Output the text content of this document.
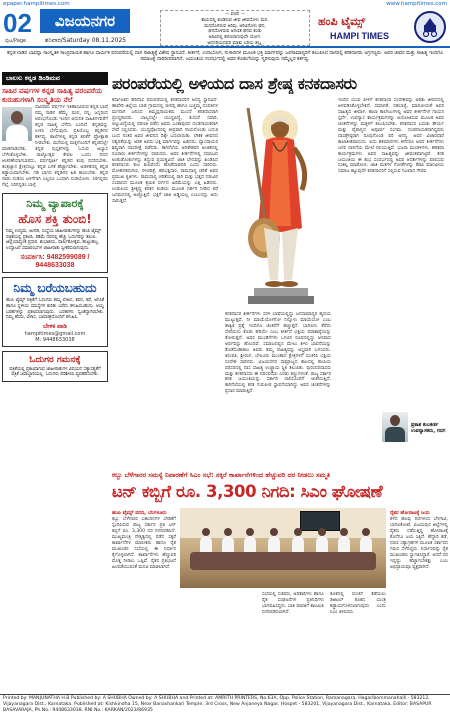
epaper.hampitimes.com	www.hampitimes.com
02
ಪುಟ/Page
ವಿಜಯನಗರ
ಶನಿವಾರ/Saturday 08.11.2025
— ವಚನ —
ಕಾಯದಲ್ಲಿ ಕೂಡಿರುವ ಜೀವ ಜೀವದೊಳು ಮನ.
ಮನದೊಳಿರುವ ಅರಿವು, ಅರಿವಿನೊಳು ಘನ,
ಘನದೊಳಿರುವ ಅಗಣಿತ ಘನವ ಕಂಡು
ಅರಿವಿನಲ್ಲಿ ಶರಣನಾಗುವುದೇ ಯೋಗ.
ಅದನರಿಯದವರ ಮಾತು ಬರಿಯ ಶಬ್ದ,

ಹಂಪಿ ಟೈಮ್ಸ್
HAMPI TIMES
ಕನ್ನಡ ನಾಡಿನ ಭಾವನ್ನಾ ಸಾಂಸ್ಕೃತಿಕ ಸಾಂಪ್ರದಾಯಿಕ ಹಾಗೂ ಧಾರ್ಮಿಕ ಪರಂಪರೆಯಲ್ಲಿ ದಾಸ ಸಾಹಿತ್ಯಕ್ಕೆ ವಿಶೇಷ ಸ್ಥಾನವಿದೆ. ಕೀರ್ತನೆ, ಉಗಾಭೋಗ, ಸುಳಾದಿಗಳ ಮೂಲಕ ಭಕ್ತಿ ಮಾರ್ಗವನ್ನು ಜನಸಾಮಾನ್ಯರಿಗೆ ತಲುಪಿಸಿದ ದಾಸರಲ್ಲಿ ಕನಕದಾಸರು ಅಗ್ರಗಣ್ಯರು. ಅವರ ಜೀವನ ಮತ್ತು ಸಾಹಿತ್ಯ ಇಂದಿಗೂ ಸಮಾಜಕ್ಕೆ ದಾರಿದೀಪವಾಗಿದೆ. ಜಯಂತಿಯ ಸಂದರ್ಭದಲ್ಲಿ ಅವರ ಕೊಡುಗೆಯನ್ನು ಸ್ಮರಿಸುವುದು ನಮ್ಮೆಲ್ಲರ ಕರ್ತವ್ಯ.
ಬಾಲಸು ಕನ್ನಡ ಡಿಂಡಿಮವ
ಸಾಹಿರ ವರ್ಷಗಳ ಕನ್ನಡ ಸಾಹಿತ್ಯ ಪರಂಪರೆಯ ಕುರುಹುಗಳಾಗಿ ಸಂಸ್ಕೃತಿಯ ನೆಲೆ
ಸಾವಿರಾರು ವರ್ಷಗಳ ಇತಿಹಾಸವಿರುವ ಕನ್ನಡ ಭಾಷೆ ನಮ್ಮ ನಾಡಿನ ಹೆಮ್ಮೆ. ಪಂಪ, ರನ್ನ, ಜನ್ನರಿಂದ ಆರಂಭಗೊಂಡು ಇಂದಿನ ಆಧುನಿಕ ಸಾಹಿತಿಗಳವರೆಗೆ ಕನ್ನಡ ಸಾಹಿತ್ಯ ಬೆಳೆದು ಬಂದಿದೆ. ಕನ್ನಡವನ್ನು ಉಳಿಸಿ ಬೆಳೆಸುವುದು ಪ್ರತಿಯೊಬ್ಬ ಕನ್ನಡಿಗನ ಕರ್ತವ್ಯ. ಶಾಲೆಗಳಲ್ಲಿ ಕನ್ನಡ ಕಲಿಕೆಗೆ ಪ್ರೋತ್ಸಾಹ ನೀಡಬೇಕು. ಮನೆಯಲ್ಲಿ ಮಕ್ಕಳೊಂದಿಗೆ ಕನ್ನಡದಲ್ಲೇ ಮಾತನಾಡಬೇಕು. ಕನ್ನಡ ಪುಸ್ತಕಗಳನ್ನು ಓದುವ ಅಭ್ಯಾಸ ಬೆಳೆಸಿಕೊಳ್ಳಬೇಕು. ರಾಜ್ಯೋತ್ಸವ ಕೇವಲ ಒಂದು ದಿನದ ಆಚರಣೆಯಾಗಬಾರದು, ವರ್ಷಪೂರ್ತಿ ಕನ್ನಡದ ಕಂಪು ಪಸರಿಸಬೇಕು. ತಂತ್ರಜ್ಞಾನ ಕ್ಷೇತ್ರದಲ್ಲೂ ಕನ್ನಡ ಬಳಕೆ ಹೆಚ್ಚಾಗಬೇಕು. ಆಡಳಿತದಲ್ಲಿ ಕನ್ನಡ ಕಡ್ಡಾಯವಾಗಬೇಕು. ಗಡಿ ಭಾಗದ ಕನ್ನಡಿಗರ ಹಿತ ಕಾಯಬೇಕು. ಕನ್ನಡ ನಾಡು ನುಡಿಯ ಏಳಿಗೆಗಾಗಿ ಎಲ್ಲರೂ ಒಂದಾಗಿ ದುಡಿಯೋಣ. ಸಿರಿಗನ್ನಡಂ ಗೆಲ್ಗೆ, ಸಿರಿಗನ್ನಡಂ ಬಾಳ್ಗೆ.
ನಿಮ್ಮ ವ್ಯಾಪಾರಕ್ಕೆ
ಹೊಸ ಶಕ್ತಿ ತುಂಬಿ!
ನಿಮ್ಮ ಉದ್ಯಮ, ಅಂಗಡಿ, ಸಂಸ್ಥೆಯ ಜಾಹೀರಾತುಗಳನ್ನು ಹಂಪಿ ಟೈಮ್ಸ್ ಪತ್ರಿಕೆಯಲ್ಲಿ ಪ್ರಕಟಿಸಿ. ಕಡಿಮೆ ದರದಲ್ಲಿ ಹೆಚ್ಚು ಓದುಗರನ್ನು ತಲುಪಿ. ಜಿಲ್ಲೆಯಾದ್ಯಂತ ಪ್ರಸಾರ. ಶುಭಾಶಯ, ವಾರ್ಷಿಕೋತ್ಸವ, ಹುಟ್ಟುಹಬ್ಬ, ಉದ್ಘಾಟನೆ ಸಮಾರಂಭಗಳ ಜಾಹೀರಾತು ಸ್ವೀಕರಿಸಲಾಗುವುದು.
ಸಂಪರ್ಕಿಸಿ: 9482599089 / 9448633038
ನಿಮ್ಮ ಬರೆಯಬಹುದು
ಹಂಪಿ ಟೈಮ್ಸ್ ಪತ್ರಿಕೆಗೆ ಓದುಗರು ತಮ್ಮ ಲೇಖನ, ಕವನ, ಕಥೆ, ಅನಿಸಿಕೆ ಹಾಗೂ ಸ್ಥಳೀಯ ಸಮಸ್ಯೆಗಳ ಕುರಿತು ಬರೆದು ಕಳುಹಿಸಬಹುದು. ಆಯ್ದ ಬರಹಗಳನ್ನು ಪ್ರಕಟಿಸಲಾಗುವುದು. ಬರಹಗಳು ಸ್ವಂತದ್ದಾಗಿರಬೇಕು. ನಿಮ್ಮ ಹೆಸರು, ವಿಳಾಸ, ಭಾವಚಿತ್ರದೊಂದಿಗೆ ಕಳುಹಿಸಿ.
ಬೇಳಿಕ ಪಾಡಿ
hampitimes@gmail.com
M: 9448633038
ಓದುಗರ ಗಮನಕ್ಕೆ
ಪತ್ರಿಕೆಯಲ್ಲಿ ಪ್ರಕಟವಾಗುವ ಜಾಹೀರಾತುಗಳ ವಿಷಯದ ಸತ್ಯಾಸತ್ಯತೆಗೆ ಪತ್ರಿಕೆ ಜವಾಬ್ದಾರಿಯಲ್ಲ. ಓದುಗರು ಪರಿಶೀಲಿಸಿ ವ್ಯವಹರಿಸಬೇಕು.
ಪರಂಪರೆಯಲ್ಲಿ ಅಳಿಯದ ದಾಸ ಶ್ರೇಷ್ಠ ಕನಕದಾಸರು
ಕರ್ನಾಟಕದ ಹರಿದಾಸ ಪರಂಪರೆಯಲ್ಲಿ ಕನಕದಾಸರಿಗೆ ಅನನ್ಯ ಸ್ಥಾನವಿದೆ. ಹಾವೇರಿ ಜಿಲ್ಲೆಯ ಬಾಡ ಗ್ರಾಮದಲ್ಲಿ ಬೀರಪ್ಪ ಹಾಗೂ ಬಚ್ಚಮ್ಮ ದಂಪತಿಗಳ ಮಗನಾಗಿ ಜನಿಸಿದ ತಿಮ್ಮಪ್ಪನಾಯಕರು ಮುಂದೆ ಕನಕದಾಸರಾಗಿ ಪ್ರಸಿದ್ಧರಾದರು. ಬಾಲ್ಯದಲ್ಲೇ ಯುದ್ಧವಿದ್ಯೆ, ಕುದುರೆ ಸವಾರಿ, ಬಿಲ್ಲುವಿದ್ಯೆಯಲ್ಲಿ ಪರಿಣತಿ ಪಡೆದ ಅವರು ಬಂಕಾಪುರದ ದಂಡನಾಯಕರಾಗಿ ಸೇವೆ ಸಲ್ಲಿಸಿದರು. ಯುದ್ಧವೊಂದರಲ್ಲಿ ತೀವ್ರವಾಗಿ ಗಾಯಗೊಂಡು ಬದುಕಿ ಬಂದ ನಂತರ ಅವರ ಜೀವನದ ದಿಕ್ಕೇ ಬದಲಾಯಿತು. ಲೌಕಿಕ ಜೀವನದ ನಶ್ವರತೆಯನ್ನು ಅರಿತ ಅವರು ಭಕ್ತಿ ಮಾರ್ಗವನ್ನು ಹಿಡಿದರು. ವ್ಯಾಸರಾಯರ ಶಿಷ್ಯರಾಗಿ ದಾಸದೀಕ್ಷೆ ಪಡೆದರು. ಕಾಗಿನೆಲೆಯ ಆದಿಕೇಶವನ ಅಂಕಿತದಲ್ಲಿ ನೂರಾರು ಕೀರ್ತನೆಗಳನ್ನು ರಚಿಸಿದರು. ಅವರ ಕೀರ್ತನೆಗಳಲ್ಲಿ ಸಮಾಜದ ಅಂಕುಡೊಂಕುಗಳನ್ನು ತಿದ್ದುವ ಪ್ರಯತ್ನವಿದೆ. ಜಾತಿ ಭೇದವನ್ನು ಖಂಡಿಸಿದ ಕನಕದಾಸರು ಕುಲ ಕುಲವೆಂದು ಹೊಡೆದಾಡದಿರಿ ಎಂದು ಸಾರಿದರು. ಮೋಹನತರಂಗಿಣಿ, ನಳಚರಿತ್ರೆ, ಹರಿಭಕ್ತಿಸಾರ, ರಾಮಧಾನ್ಯ ಚರಿತೆ ಅವರ ಪ್ರಮುಖ ಕೃತಿಗಳು. ರಾಮಧಾನ್ಯ ಚರಿತೆಯಲ್ಲಿ ರಾಗಿ ಮತ್ತು ಭತ್ತದ ನಡುವಿನ ಸಂವಾದದ ಮೂಲಕ ಶ್ರಮಿಕ ವರ್ಗದ ಹಿರಿಮೆಯನ್ನು ಎತ್ತಿ ಹಿಡಿದರು. ಉಡುಪಿಯ ಶ್ರೀಕೃಷ್ಣ ಕನಕನ ಕಿಂಡಿಯ ಮೂಲಕ ದರ್ಶನ ನೀಡಿದ ಕಥೆ ಜನಮನದಲ್ಲಿ ಅಚ್ಚೊತ್ತಿದೆ. ಭಕ್ತಿಗೆ ಜಾತಿ ಅಡ್ಡಿಯಲ್ಲ ಎಂಬುದನ್ನು ಅದು ಸಾರುತ್ತದೆ.
ಕನಕದಾಸರ ಕೀರ್ತನೆಗಳು ಸರಳ ಭಾಷೆಯಲ್ಲಿದ್ದು ಜನಸಾಮಾನ್ಯರ ಹೃದಯ ಮುಟ್ಟುತ್ತವೆ. ನೀ ಮಾಯೆಯೊಳಗೋ ನಿನ್ನೊಳು ಮಾಯೆಯೋ ಎಂಬ ತಾತ್ವಿಕ ಪ್ರಶ್ನೆ ಇಂದಿಗೂ ಚಿಂತನೆಗೆ ಹಚ್ಚುತ್ತದೆ. ಬಾಗಿಲನು ತೆರೆದು ಸೇವೆಯನು ಕೊಡು ಹರಿಯೇ ಎಂಬ ಕೀರ್ತನೆ ಭಕ್ತಿಯ ಪರಾಕಾಷ್ಠೆಯನ್ನು ತೋರುತ್ತದೆ. ಅವರ ಮುಂಡಿಗೆಗಳು ಒಗಟಿನ ರೂಪದಲ್ಲಿದ್ದು ಆಳವಾದ ಅರ್ಥವನ್ನು ಹೊಂದಿವೆ. ಸಮಾಜದಲ್ಲಿನ ಮೇಲು ಕೀಳು ಭಾವನೆಯನ್ನು ತೊಡೆದುಹಾಕಲು ಅವರು ತಮ್ಮ ಸಾಹಿತ್ಯವನ್ನು ಅಸ್ತ್ರವಾಗಿ ಬಳಸಿದರು. ತಿರುಪತಿ, ಶ್ರೀರಂಗ, ಬೇಲೂರು ಮುಂತಾದ ಕ್ಷೇತ್ರಗಳಿಗೆ ಸಂಚರಿಸಿ ಭಕ್ತಿಯ ಸಂದೇಶ ಸಾರಿದರು. ವಿಜಯನಗರ ಸಾಮ್ರಾಜ್ಯದ ಕಾಲದಲ್ಲಿ ಹಂಪಿಯ ಪರಿಸರದಲ್ಲಿ ದಾಸ ಸಾಹಿತ್ಯ ಉಚ್ಛ್ರಾಯ ಸ್ಥಿತಿ ತಲುಪಿತು. ಪುರಂದರದಾಸರು ಮತ್ತು ಕನಕದಾಸರು ಈ ಪರಂಪರೆಯ ಎರಡು ಕಣ್ಣುಗಳಂತೆ. ರಾಜ್ಯ ಸರ್ಕಾರ ಕನಕ ಜಯಂತಿಯನ್ನು ಸರ್ಕಾರಿ ರಜೆಯೊಂದಿಗೆ ಆಚರಿಸುತ್ತಿದೆ. ಕಾಗಿನೆಲೆಯಲ್ಲಿ ಕನಕ ಗುರುಪೀಠ ಸ್ಥಾಪನೆಯಾಗಿದ್ದು ಅವರ ಚಿಂತನೆಗಳನ್ನು ಪ್ರಸಾರ ಮಾಡುತ್ತಿದೆ.
ಇಂದಿನ ಯುವ ಪೀಳಿಗೆ ಕನಕದಾಸರ ಸಂದೇಶವನ್ನು ಅರಿತು ಜೀವನದಲ್ಲಿ ಅಳವಡಿಸಿಕೊಳ್ಳಬೇಕಿದೆ. ಸಮಾನತೆ, ಸಹಬಾಳ್ವೆ, ಮಾನವೀಯತೆ ಅವರ ಸಾಹಿತ್ಯದ ಜೀವಾಳ. ಶಾಲಾ ಕಾಲೇಜುಗಳಲ್ಲಿ ಅವರ ಕೀರ್ತನೆಗಳ ಗಾಯನ ಸ್ಪರ್ಧೆ, ಉಪನ್ಯಾಸ ಕಾರ್ಯಕ್ರಮಗಳನ್ನು ಆಯೋಜಿಸುವ ಮೂಲಕ ಅವರ ಚಿಂತನೆಗಳನ್ನು ಮಕ್ಕಳಿಗೆ ತಲುಪಿಸಬೇಕು. ಕನಕದಾಸರ ಬದುಕು ಶೌರ್ಯ ಮತ್ತು ವೈರಾಗ್ಯದ ಅಪೂರ್ವ ಸಂಗಮ. ದಂಡನಾಯಕನಾಗಿದ್ದವರು ದಾಸಶ್ರೇಷ್ಠರಾಗಿ ರೂಪುಗೊಂಡ ಪರಿ ಅನನ್ಯ. ಅವರ ವಿಚಾರಧಾರೆ ಕಾಲಾತೀತವಾದುದು. ಐದು ಶತಮಾನಗಳು ಕಳೆದರೂ ಅವರ ಕೀರ್ತನೆಗಳು ಜನರ ನಾಲಿಗೆಯ ಮೇಲೆ ನಲಿಯುತ್ತಿವೆ. ಭಜನಾ ಮಂಡಳಿಗಳು, ಹರಿಕಥಾ ಕಾರ್ಯಕ್ರಮಗಳು ಅವರ ಸಾಹಿತ್ಯವನ್ನು ಜೀವಂತವಾಗಿಟ್ಟಿವೆ. ಕನಕ ಜಯಂತಿಯ ಈ ಶುಭ ಸಂದರ್ಭದಲ್ಲಿ ಅವರ ಆದರ್ಶಗಳನ್ನು ಪಾಲಿಸುವ ಸಂಕಲ್ಪ ಮಾಡೋಣ. ಜಾತಿ ಮತಗಳ ಗೋಡೆಗಳನ್ನು ಕೆಡವಿ ಮಾನವೀಯ ಸಮಾಜ ಕಟ್ಟುವುದೇ ಕನಕದಾಸರಿಗೆ ಸಲ್ಲಿಸುವ ನಿಜವಾದ ಗೌರವ.
ಪ್ರಕಾಶ ಕುಲಕರ್ಣಿ
ಉಪನ್ಯಾಸಕರು, ಗದಗ
ಕಬ್ಬು ಬೆಳೆಗಾರರ ಸಮಸ್ಯೆ ನಿವಾರಣೆಗೆ ಸಿಎಂ ಸಭೆ: ಸಕ್ಕರೆ ಕಾರ್ಖಾನೆಗಳಿಂದ ಹೆಚ್ಚುವರಿ ದರ ನೀಡಲು ಸಮ್ಮತಿ
ಟನ್ ಕಬ್ಬಿಗೆ ರೂ. 3,300 ನಿಗದಿ: ಸಿಎಂ ಘೋಷಣೆ
ಹಂಪಿ ಟೈಮ್ಸ್ ವರದಿ, ಬೆಂಗಳೂರು
ಕಬ್ಬು ಬೆಳೆಗಾರರ ಬಹುದಿನಗಳ ಬೇಡಿಕೆಗೆ ಸ್ಪಂದಿಸಿರುವ ರಾಜ್ಯ ಸರ್ಕಾರ ಪ್ರತಿ ಟನ್ ಕಬ್ಬಿಗೆ ರೂ. 3,300 ದರ ನಿಗದಿಪಡಿಸಿದೆ. ಮುಖ್ಯಮಂತ್ರಿ ನೇತೃತ್ವದಲ್ಲಿ ನಡೆದ ಸಕ್ಕರೆ ಕಾರ್ಖಾನೆಗಳ ಮಾಲೀಕರು ಹಾಗೂ ರೈತ ಮುಖಂಡರ ಸಭೆಯಲ್ಲಿ ಈ ನಿರ್ಧಾರ ಕೈಗೊಳ್ಳಲಾಗಿದೆ. ಕಾರ್ಖಾನೆಗಳು ಹೆಚ್ಚುವರಿ ಮೊತ್ತ ನೀಡಲು ಒಪ್ಪಿವೆ. ರೈತರ ಪ್ರತಿಭಟನೆ ಹಿಂಪಡೆಯುವಂತೆ ಮನವಿ ಮಾಡಲಾಗಿದೆ.
ಸಭೆಯಲ್ಲಿ ಸಚಿವರು, ಅಧಿಕಾರಿಗಳು ಹಾಗೂ ರೈತ ಸಂಘಟನೆಗಳ ಪ್ರತಿನಿಧಿಗಳು ಭಾಗವಹಿಸಿದ್ದರು. ಬಾಕಿ ಪಾವತಿಗೆ ಕಾಲಮಿತಿ ನಿಗದಿಪಡಿಸಲಾಗಿದೆ.
ತೂಕದಲ್ಲಿ ವಂಚನೆ ತಡೆಯಲು ಡಿಜಿಟಲ್ ತೂಕದ ಯಂತ್ರ ಕಡ್ಡಾಯಗೊಳಿಸಲಾಗುವುದು ಎಂದು ಸಿಎಂ ತಿಳಿಸಿದರು.
ರೈತರ ಹೋರಾಟಕ್ಕೆ ಜಯ
ಕಳೆದ ಹಲವು ದಿನಗಳಿಂದ ಬೆಳಗಾವಿ, ಬಾಗಲಕೋಟೆ, ವಿಜಯಪುರ ಜಿಲ್ಲೆಗಳಲ್ಲಿ ರೈತರು ನಡೆಸುತ್ತಿದ್ದ ಹೋರಾಟಕ್ಕೆ ಕೊನೆಗೂ ಜಯ ಸಿಕ್ಕಿದೆ. ಹೆದ್ದಾರಿ ತಡೆ, ಧರಣಿ ಸತ್ಯಾಗ್ರಹಗಳ ಮೂಲಕ ಸರ್ಕಾರದ ಗಮನ ಸೆಳೆದಿದ್ದರು. ನಿರ್ಧಾರವನ್ನು ರೈತ ಮುಖಂಡರು ಸ್ವಾಗತಿಸಿದ್ದಾರೆ. ಆದರೆ ದರ ಇನ್ನಷ್ಟು ಹೆಚ್ಚಾಗಬೇಕಿತ್ತು ಎಂಬ ಅಭಿಪ್ರಾಯವೂ ವ್ಯಕ್ತವಾಗಿದೆ.
Printed by: MANJUNATHA H.B Published by: A SHUBHA Owned by: A SHUBHA and Printed at: AMRITH PRINTERS, No.63A, Opp. Police Station, Ramanagara, Hagaribommanahalli - 583212, Vijayanagara Dist., Karnataka. Published at: Kishkindha 15, Near Banashankari Temple, 3rd Cross, New Anjaneya Nagar, Hospet - 583201, Vijayanagara Dist., Karnataka. Editor: BASAPUR BASAVARAJA, Ph.No.: 9448633038. RNI No.: KARKAN/2023/86935
